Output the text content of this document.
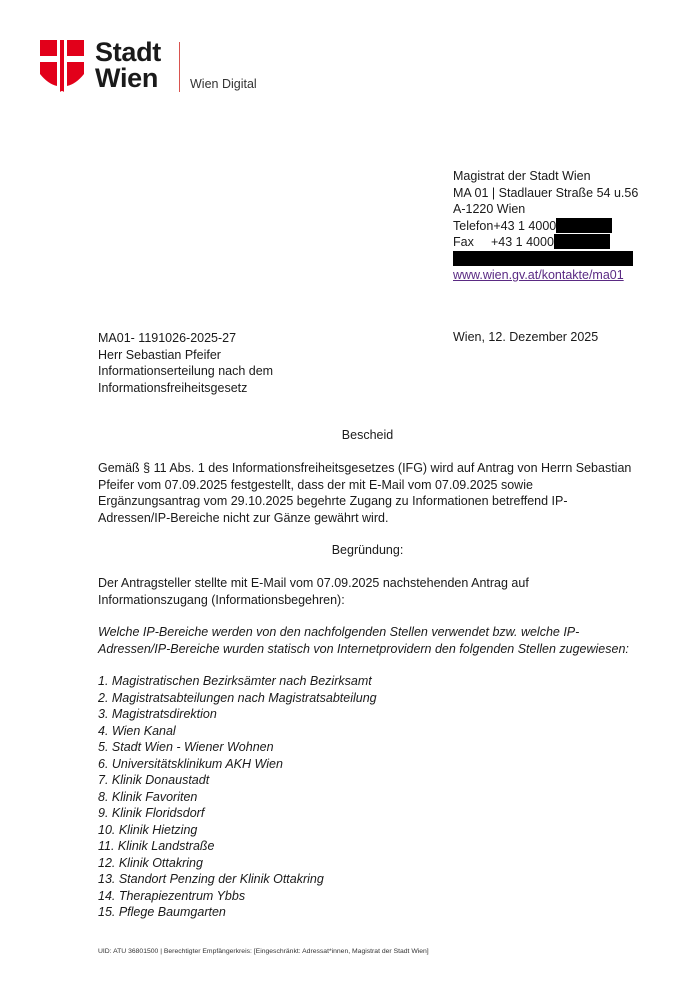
Stadt
Wien	Wien Digital
Magistrat der Stadt Wien
MA 01 | Stadlauer Straße 54 u.56
A-1220 Wien
Telefon+43 1 4000
Fax +43 1 4000
www.wien.gv.at/kontakte/ma01
MA01- 1191026-2025-27
Herr Sebastian Pfeifer
Informationserteilung nach dem
Informationsfreiheitsgesetz
Wien, 12. Dezember 2025
Bescheid
Gemäß § 11 Abs. 1 des Informationsfreiheitsgesetzes (IFG) wird auf Antrag von Herrn Sebastian Pfeifer vom 07.09.2025 festgestellt, dass der mit E-Mail vom 07.09.2025 sowie Ergänzungsantrag vom 29.10.2025 begehrte Zugang zu Informationen betreffend IP-Adressen/IP-Bereiche nicht zur Gänze gewährt wird.
Begründung:
Der Antragsteller stellte mit E-Mail vom 07.09.2025 nachstehenden Antrag auf Informationszugang (Informationsbegehren):
Welche IP-Bereiche werden von den nachfolgenden Stellen verwendet bzw. welche IP-Adressen/IP-Bereiche wurden statisch von Internetprovidern den folgenden Stellen zugewiesen:
1. Magistratischen Bezirksämter nach Bezirksamt
2. Magistratsabteilungen nach Magistratsabteilung
3. Magistratsdirektion
4. Wien Kanal
5. Stadt Wien - Wiener Wohnen
6. Universitätsklinikum AKH Wien
7. Klinik Donaustadt
8. Klinik Favoriten
9. Klinik Floridsdorf
10. Klinik Hietzing
11. Klinik Landstraße
12. Klinik Ottakring
13. Standort Penzing der Klinik Ottakring
14. Therapiezentrum Ybbs
15. Pflege Baumgarten
UID: ATU 36801500 | Berechtigter Empfängerkreis: [Eingeschränkt: Adressat*innen, Magistrat der Stadt Wien]
